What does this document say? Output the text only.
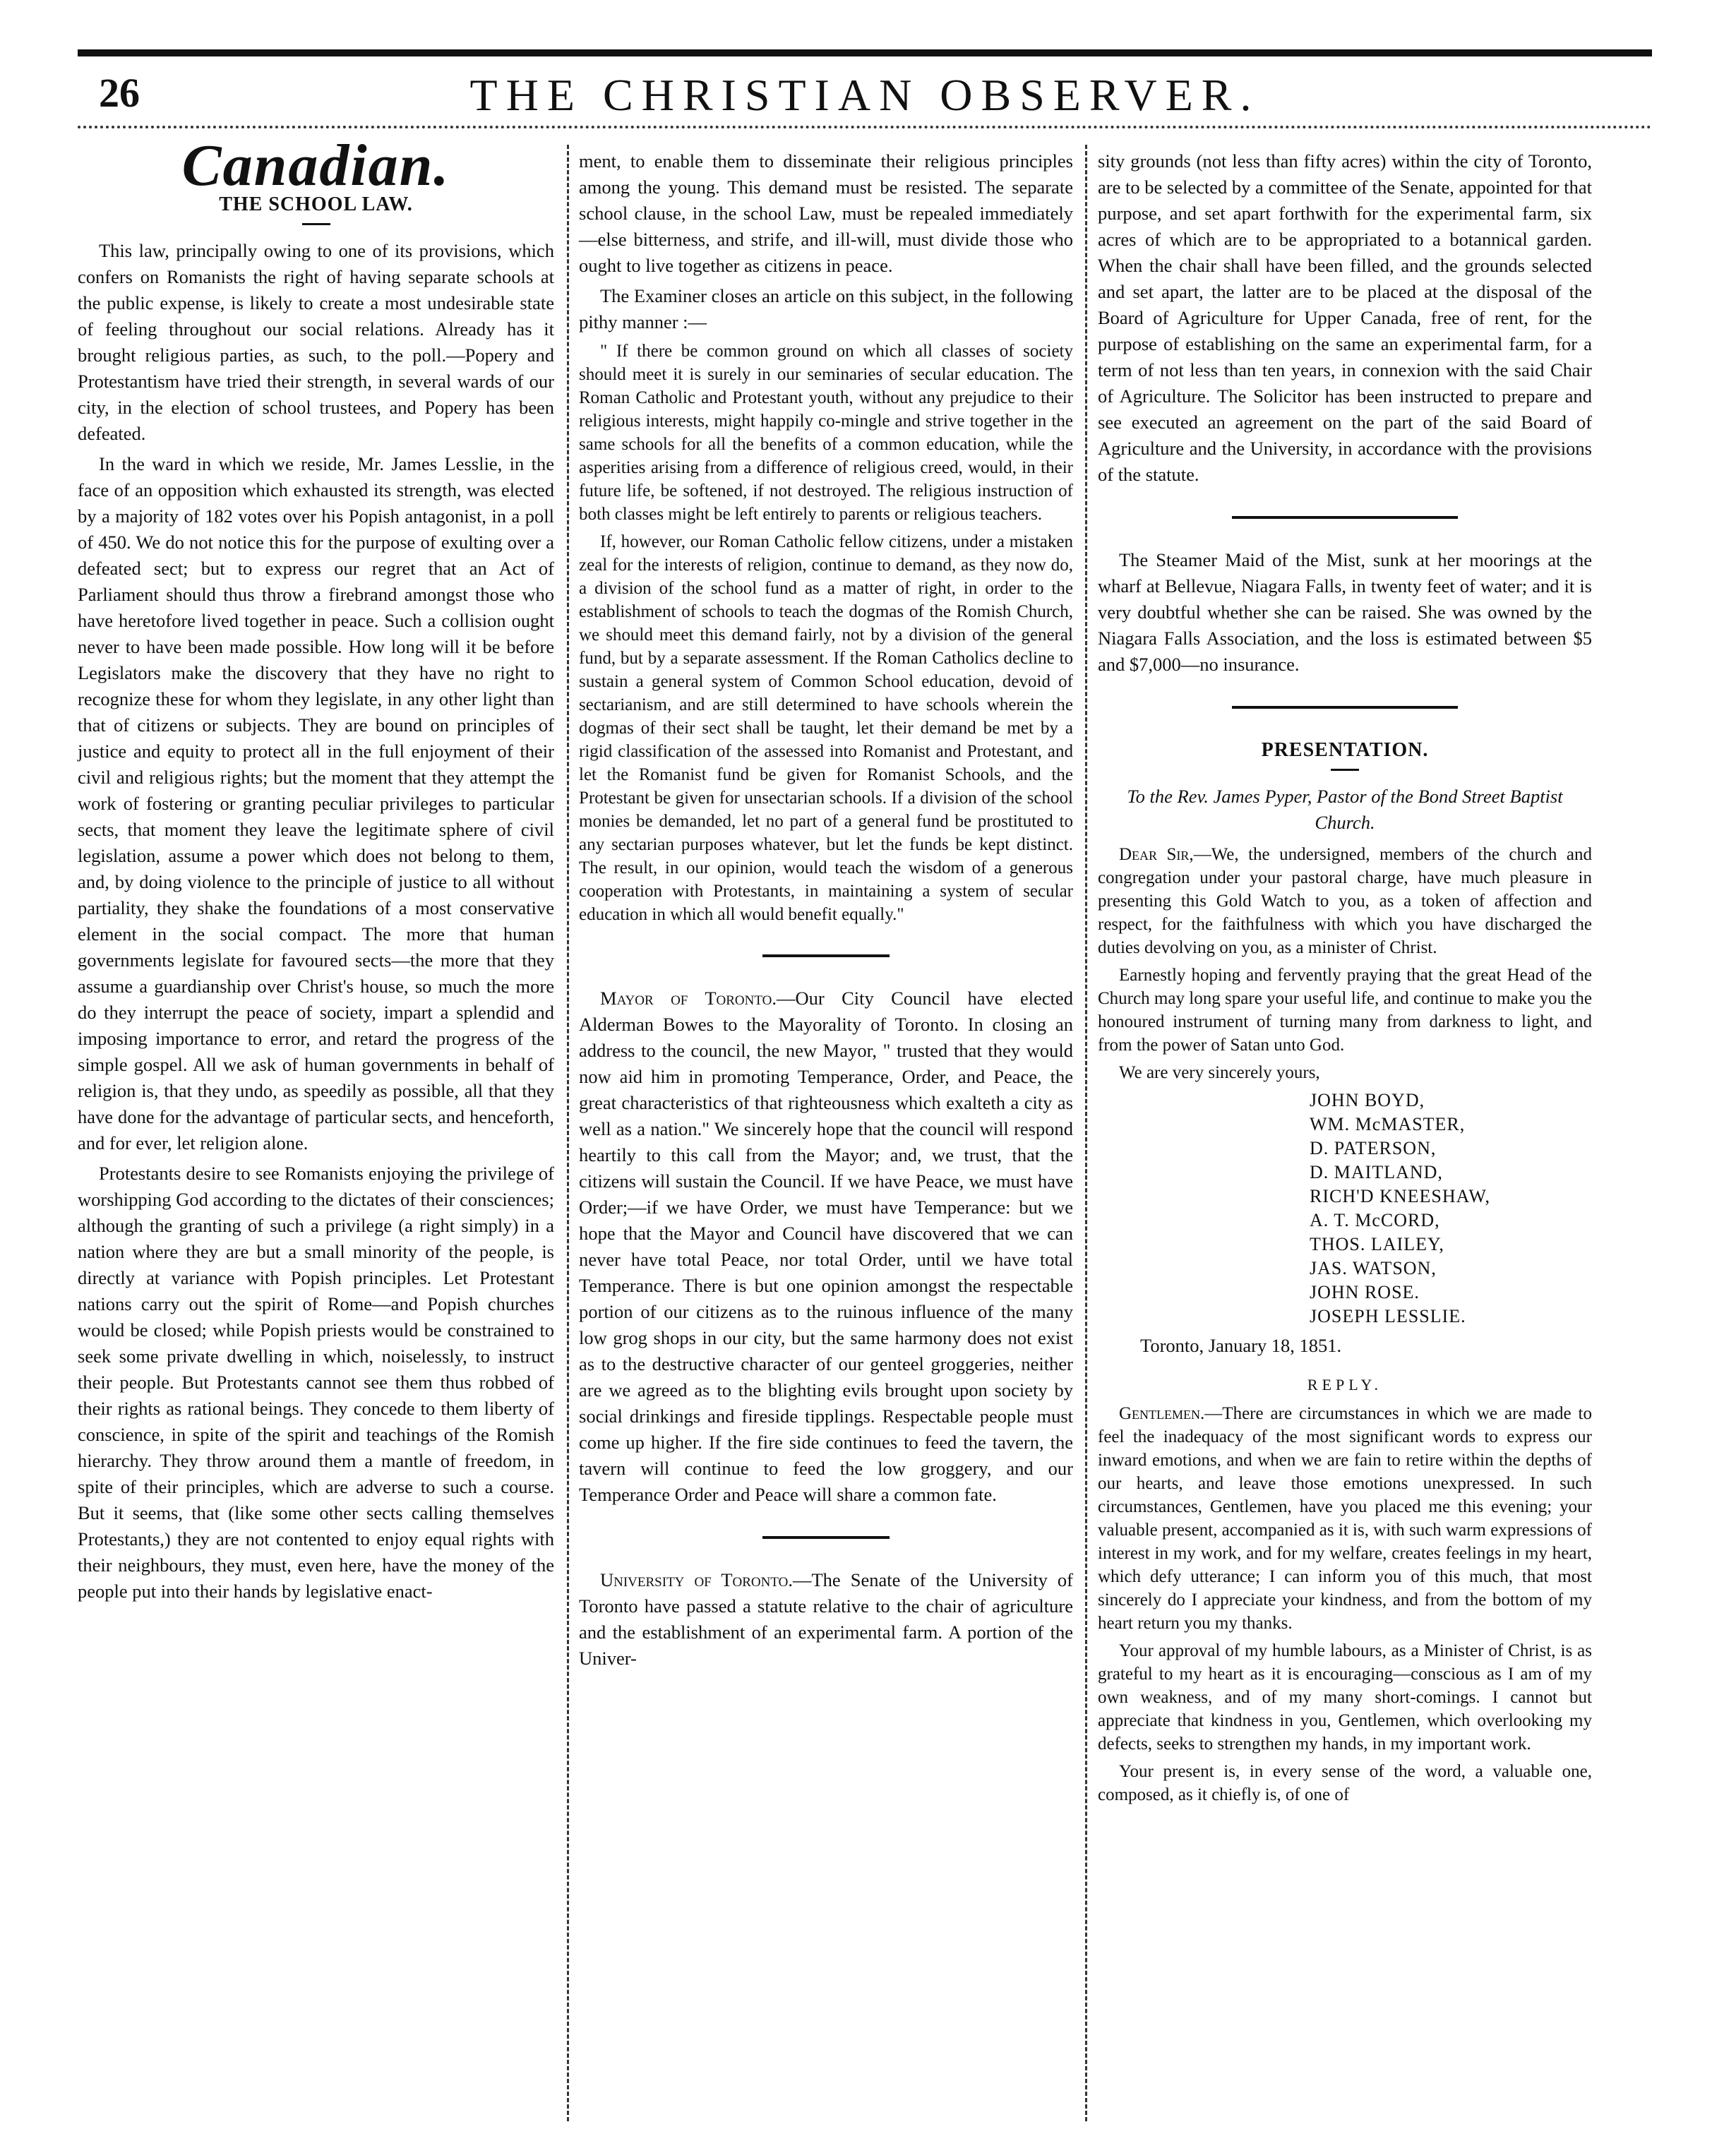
26	THE CHRISTIAN OBSERVER.
Canadian.
THE SCHOOL LAW.

This law, principally owing to one of its provisions, which confers on Romanists the right of having separate schools at the public expense, is likely to create a most undesirable state of feeling throughout our social relations. Already has it brought religious parties, as such, to the poll.—Popery and Protestantism have tried their strength, in several wards of our city, in the election of school trustees, and Popery has been defeated.

In the ward in which we reside, Mr. James Lesslie, in the face of an opposition which exhausted its strength, was elected by a majority of 182 votes over his Popish antagonist, in a poll of 450. We do not notice this for the purpose of exulting over a defeated sect; but to express our regret that an Act of Parliament should thus throw a firebrand amongst those who have heretofore lived together in peace. Such a collision ought never to have been made possible. How long will it be before Legislators make the discovery that they have no right to recognize these for whom they legislate, in any other light than that of citizens or subjects. They are bound on principles of justice and equity to protect all in the full enjoyment of their civil and religious rights; but the moment that they attempt the work of fostering or granting peculiar privileges to particular sects, that moment they leave the legitimate sphere of civil legislation, assume a power which does not belong to them, and, by doing violence to the principle of justice to all without partiality, they shake the foundations of a most conservative element in the social compact. The more that human governments legislate for favoured sects—the more that they assume a guardianship over Christ's house, so much the more do they interrupt the peace of society, impart a splendid and imposing importance to error, and retard the progress of the simple gospel. All we ask of human governments in behalf of religion is, that they undo, as speedily as possible, all that they have done for the advantage of particular sects, and henceforth, and for ever, let religion alone.

Protestants desire to see Romanists enjoying the privilege of worshipping God according to the dictates of their consciences; although the granting of such a privilege (a right simply) in a nation where they are but a small minority of the people, is directly at variance with Popish principles. Let Protestant nations carry out the spirit of Rome—and Popish churches would be closed; while Popish priests would be constrained to seek some private dwelling in which, noiselessly, to instruct their people. But Protestants cannot see them thus robbed of their rights as rational beings. They concede to them liberty of conscience, in spite of the spirit and teachings of the Romish hierarchy. They throw around them a mantle of freedom, in spite of their principles, which are adverse to such a course. But it seems, that (like some other sects calling themselves Protestants,) they are not contented to enjoy equal rights with their neighbours, they must, even here, have the money of the people put into their hands by legislative enact-

ment, to enable them to disseminate their religious principles among the young. This demand must be resisted. The separate school clause, in the school Law, must be repealed immediately—else bitterness, and strife, and ill-will, must divide those who ought to live together as citizens in peace.

The Examiner closes an article on this subject, in the following pithy manner :—

" If there be common ground on which all classes of society should meet it is surely in our seminaries of secular education. The Roman Catholic and Protestant youth, without any prejudice to their religious interests, might happily co-mingle and strive together in the same schools for all the benefits of a common education, while the asperities arising from a difference of religious creed, would, in their future life, be softened, if not destroyed. The religious instruction of both classes might be left entirely to parents or religious teachers.

If, however, our Roman Catholic fellow citizens, under a mistaken zeal for the interests of religion, continue to demand, as they now do, a division of the school fund as a matter of right, in order to the establishment of schools to teach the dogmas of the Romish Church, we should meet this demand fairly, not by a division of the general fund, but by a separate assessment. If the Roman Catholics decline to sustain a general system of Common School education, devoid of sectarianism, and are still determined to have schools wherein the dogmas of their sect shall be taught, let their demand be met by a rigid classification of the assessed into Romanist and Protestant, and let the Romanist fund be given for Romanist Schools, and the Protestant be given for unsectarian schools. If a division of the school monies be demanded, let no part of a general fund be prostituted to any sectarian purposes whatever, but let the funds be kept distinct. The result, in our opinion, would teach the wisdom of a generous cooperation with Protestants, in maintaining a system of secular education in which all would benefit equally."

Mayor of Toronto.—Our City Council have elected Alderman Bowes to the Mayorality of Toronto. In closing an address to the council, the new Mayor, " trusted that they would now aid him in promoting Temperance, Order, and Peace, the great characteristics of that righteousness which exalteth a city as well as a nation." We sincerely hope that the council will respond heartily to this call from the Mayor; and, we trust, that the citizens will sustain the Council. If we have Peace, we must have Order;—if we have Order, we must have Temperance: but we hope that the Mayor and Council have discovered that we can never have total Peace, nor total Order, until we have total Temperance. There is but one opinion amongst the respectable portion of our citizens as to the ruinous influence of the many low grog shops in our city, but the same harmony does not exist as to the destructive character of our genteel groggeries, neither are we agreed as to the blighting evils brought upon society by social drinkings and fireside tipplings. Respectable people must come up higher. If the fire side continues to feed the tavern, the tavern will continue to feed the low groggery, and our Temperance Order and Peace will share a common fate.

University of Toronto.—The Senate of the University of Toronto have passed a statute relative to the chair of agriculture and the establishment of an experimental farm. A portion of the Univer-

sity grounds (not less than fifty acres) within the city of Toronto, are to be selected by a committee of the Senate, appointed for that purpose, and set apart forthwith for the experimental farm, six acres of which are to be appropriated to a botannical garden. When the chair shall have been filled, and the grounds selected and set apart, the latter are to be placed at the disposal of the Board of Agriculture for Upper Canada, free of rent, for the purpose of establishing on the same an experimental farm, for a term of not less than ten years, in connexion with the said Chair of Agriculture. The Solicitor has been instructed to prepare and see executed an agreement on the part of the said Board of Agriculture and the University, in accordance with the provisions of the statute.

The Steamer Maid of the Mist, sunk at her moorings at the wharf at Bellevue, Niagara Falls, in twenty feet of water; and it is very doubtful whether she can be raised. She was owned by the Niagara Falls Association, and the loss is estimated between $5 and $7,000—no insurance.

PRESENTATION.

To the Rev. James Pyper, Pastor of the Bond Street Baptist Church.

Dear Sir,—We, the undersigned, members of the church and congregation under your pastoral charge, have much pleasure in presenting this Gold Watch to you, as a token of affection and respect, for the faithfulness with which you have discharged the duties devolving on you, as a minister of Christ.

Earnestly hoping and fervently praying that the great Head of the Church may long spare your useful life, and continue to make you the honoured instrument of turning many from darkness to light, and from the power of Satan unto God.

We are very sincerely yours,

JOHN BOYD,
WM. McMASTER,
D. PATERSON,
D. MAITLAND,
RICH'D KNEESHAW,
A. T. McCORD,
THOS. LAILEY,
JAS. WATSON,
JOHN ROSE.
JOSEPH LESSLIE.

Toronto, January 18, 1851.

REPLY.

Gentlemen.—There are circumstances in which we are made to feel the inadequacy of the most significant words to express our inward emotions, and when we are fain to retire within the depths of our hearts, and leave those emotions unexpressed. In such circumstances, Gentlemen, have you placed me this evening; your valuable present, accompanied as it is, with such warm expressions of interest in my work, and for my welfare, creates feelings in my heart, which defy utterance; I can inform you of this much, that most sincerely do I appreciate your kindness, and from the bottom of my heart return you my thanks.

Your approval of my humble labours, as a Minister of Christ, is as grateful to my heart as it is encouraging—conscious as I am of my own weakness, and of my many short-comings. I cannot but appreciate that kindness in you, Gentlemen, which overlooking my defects, seeks to strengthen my hands, in my important work.

Your present is, in every sense of the word, a valuable one, composed, as it chiefly is, of one of
